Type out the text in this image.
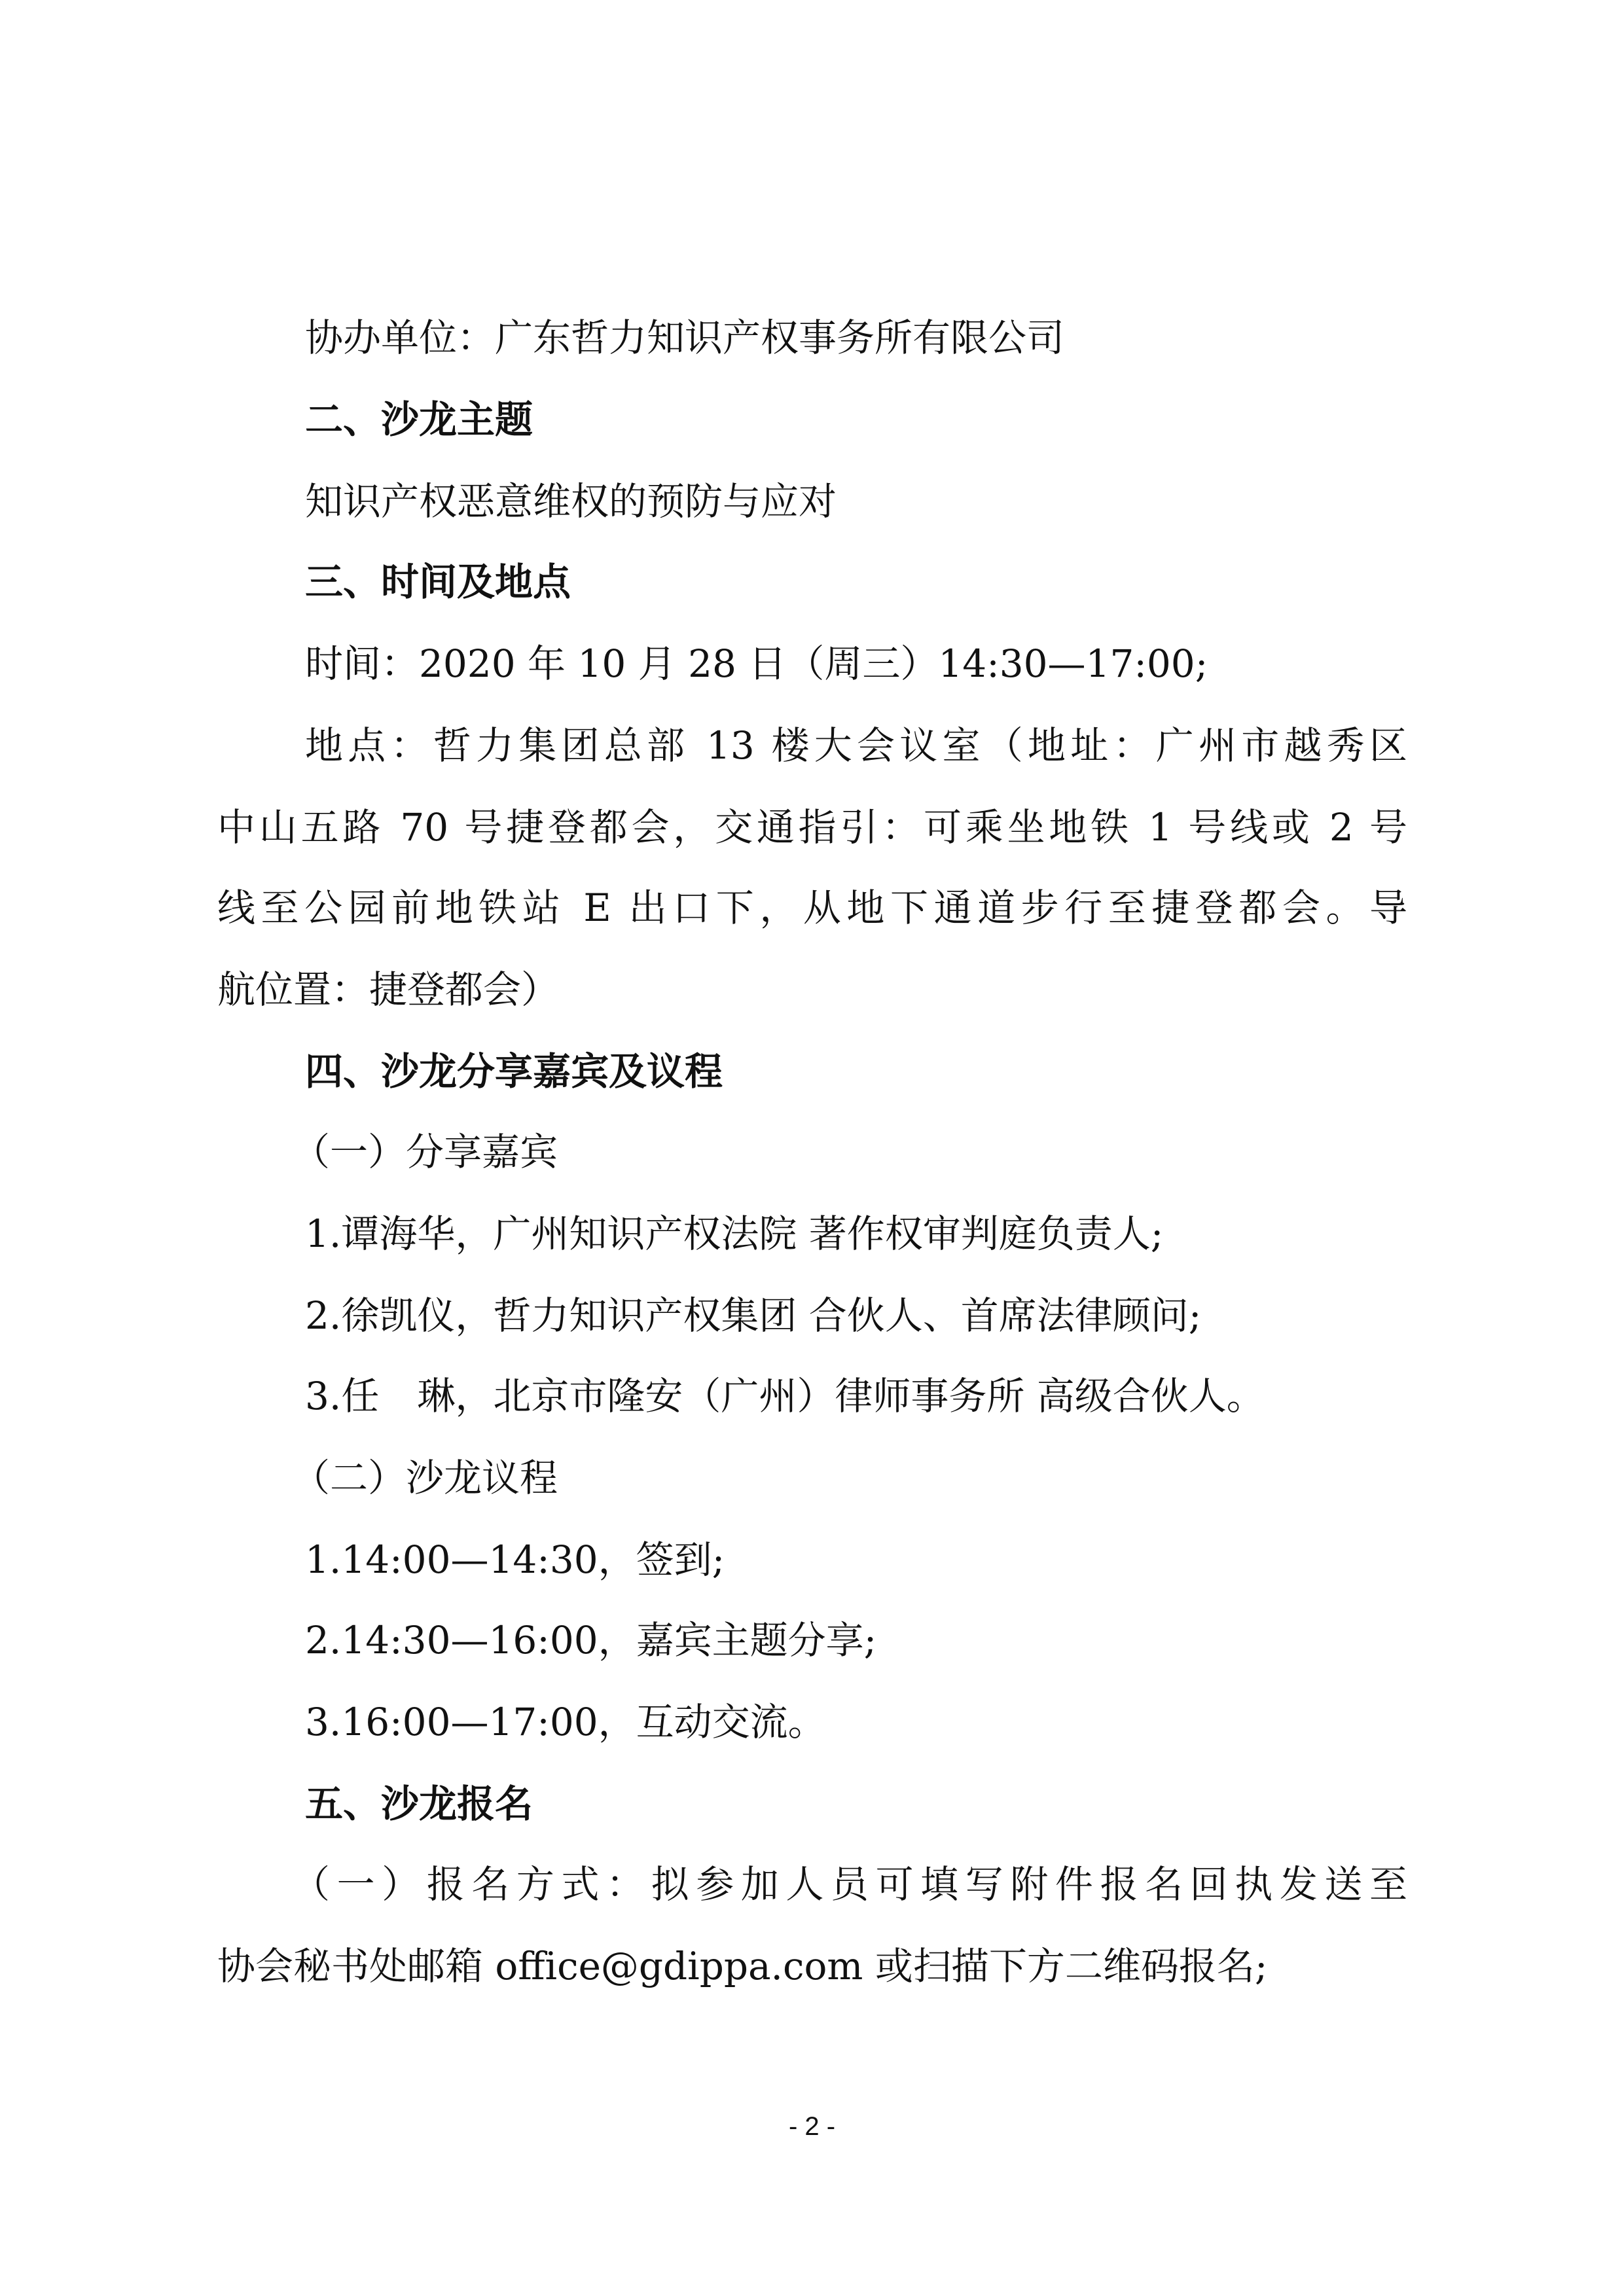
协办单位：广东哲力知识产权事务所有限公司
二、沙龙主题
知识产权恶意维权的预防与应对
三、时间及地点
时间：2020 年 10 月 28 日（周三）14:30—17:00;
地点：哲力集团总部 13 楼大会议室（地址：广州市越秀区
中山五路 70 号捷登都会，交通指引：可乘坐地铁 1 号线或 2 号
线至公园前地铁站 E 出口下，从地下通道步行至捷登都会。导
航位置：捷登都会）
四、沙龙分享嘉宾及议程
（一）分享嘉宾
1.谭海华，广州知识产权法院 著作权审判庭负责人;
2.徐凯仪，哲力知识产权集团 合伙人、首席法律顾问;
3.任　琳，北京市隆安（广州）律师事务所 高级合伙人。
（二）沙龙议程
1.14:00—14:30，签到;
2.14:30—16:00，嘉宾主题分享;
3.16:00—17:00，互动交流。
五、沙龙报名
（一）报名方式：拟参加人员可填写附件报名回执发送至
协会秘书处邮箱 office@gdippa.com 或扫描下方二维码报名;
- 2 -
